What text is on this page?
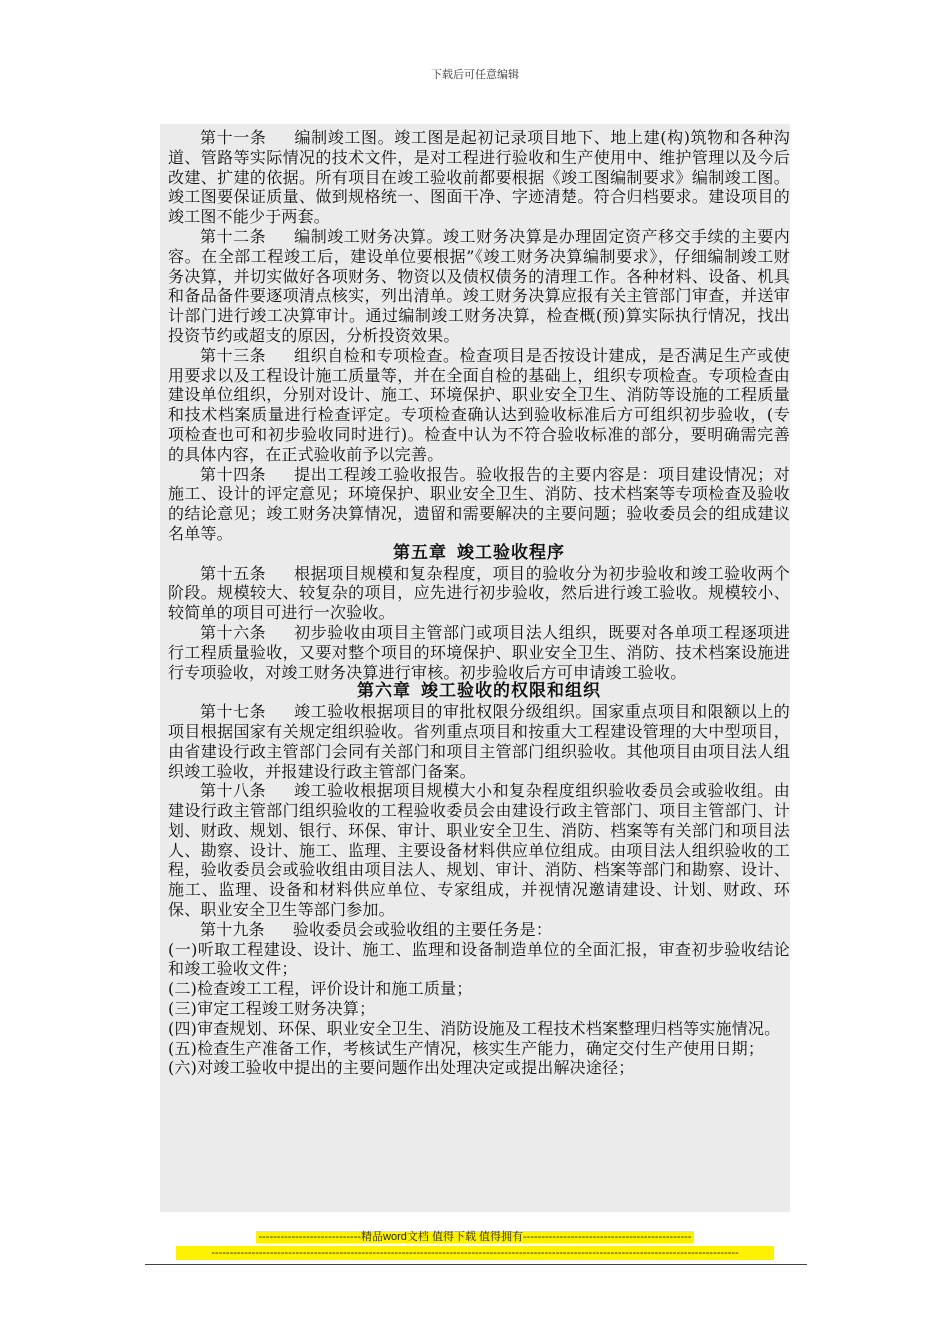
下载后可任意编辑

第十一条 编制竣工图。竣工图是起初记录项目地下、地上建(构)筑物和各种沟道、管路等实际情况的技术文件，是对工程进行验收和生产使用中、维护管理以及今后改建、扩建的依据。所有项目在竣工验收前都要根据《竣工图编制要求》编制竣工图。竣工图要保证质量、做到规格统一、图面干净、字迹清楚。符合归档要求。建设项目的竣工图不能少于两套。

第十二条 编制竣工财务决算。竣工财务决算是办理固定资产移交手续的主要内容。在全部工程竣工后，建设单位要根据”《竣工财务决算编制要求》，仔细编制竣工财务决算，并切实做好各项财务、物资以及债权债务的清理工作。各种材料、设备、机具和备品备件要逐项清点核实，列出清单。竣工财务决算应报有关主管部门审查，并送审计部门进行竣工决算审计。通过编制竣工财务决算，检查概(预)算实际执行情况，找出投资节约或超支的原因，分析投资效果。

第十三条 组织自检和专项检查。检查项目是否按设计建成，是否满足生产或使用要求以及工程设计施工质量等，并在全面自检的基础上，组织专项检查。专项检查由建设单位组织，分别对设计、施工、环境保护、职业安全卫生、消防等设施的工程质量和技术档案质量进行检查评定。专项检查确认达到验收标准后方可组织初步验收，(专项检查也可和初步验收同时进行)。检查中认为不符合验收标准的部分，要明确需完善的具体内容，在正式验收前予以完善。

第十四条 提出工程竣工验收报告。验收报告的主要内容是：项目建设情况；对施工、设计的评定意见；环境保护、职业安全卫生、消防、技术档案等专项检查及验收的结论意见；竣工财务决算情况，遗留和需要解决的主要问题；验收委员会的组成建议名单等。

第五章 竣工验收程序

第十五条 根据项目规模和复杂程度，项目的验收分为初步验收和竣工验收两个阶段。规模较大、较复杂的项目，应先进行初步验收，然后进行竣工验收。规模较小、较简单的项目可进行一次验收。

第十六条 初步验收由项目主管部门或项目法人组织，既要对各单项工程逐项进行工程质量验收，又要对整个项目的环境保护、职业安全卫生、消防、技术档案设施进行专项验收，对竣工财务决算进行审核。初步验收后方可申请竣工验收。

第六章 竣工验收的权限和组织

第十七条 竣工验收根据项目的审批权限分级组织。国家重点项目和限额以上的项目根据国家有关规定组织验收。省列重点项目和按重大工程建设管理的大中型项目，由省建设行政主管部门会同有关部门和项目主管部门组织验收。其他项目由项目法人组织竣工验收，并报建设行政主管部门备案。

第十八条 竣工验收根据项目规模大小和复杂程度组织验收委员会或验收组。由建设行政主管部门组织验收的工程验收委员会由建设行政主管部门、项目主管部门、计划、财政、规划、银行、环保、审计、职业安全卫生、消防、档案等有关部门和项目法人、勘察、设计、施工、监理、主要设备材料供应单位组成。由项目法人组织验收的工程，验收委员会或验收组由项目法人、规划、审计、消防、档案等部门和勘察、设计、施工、监理、设备和材料供应单位、专家组成，并视情况邀请建设、计划、财政、环保、职业安全卫生等部门参加。

第十九条 验收委员会或验收组的主要任务是：

(一)听取工程建设、设计、施工、监理和设备制造单位的全面汇报，审查初步验收结论和竣工验收文件；

(二)检查竣工工程，评价设计和施工质量；

(三)审定工程竣工财务决算；

(四)审查规划、环保、职业安全卫生、消防设施及工程技术档案整理归档等实施情况。

(五)检查生产准备工作，考核试生产情况，核实生产能力，确定交付生产使用日期；

(六)对竣工验收中提出的主要问题作出处理决定或提出解决途径；

----------------------------精品word文档 值得下载 值得拥有----------------------------------------------
------------------------------------------------------------------------------------------------------------------------------------------------
